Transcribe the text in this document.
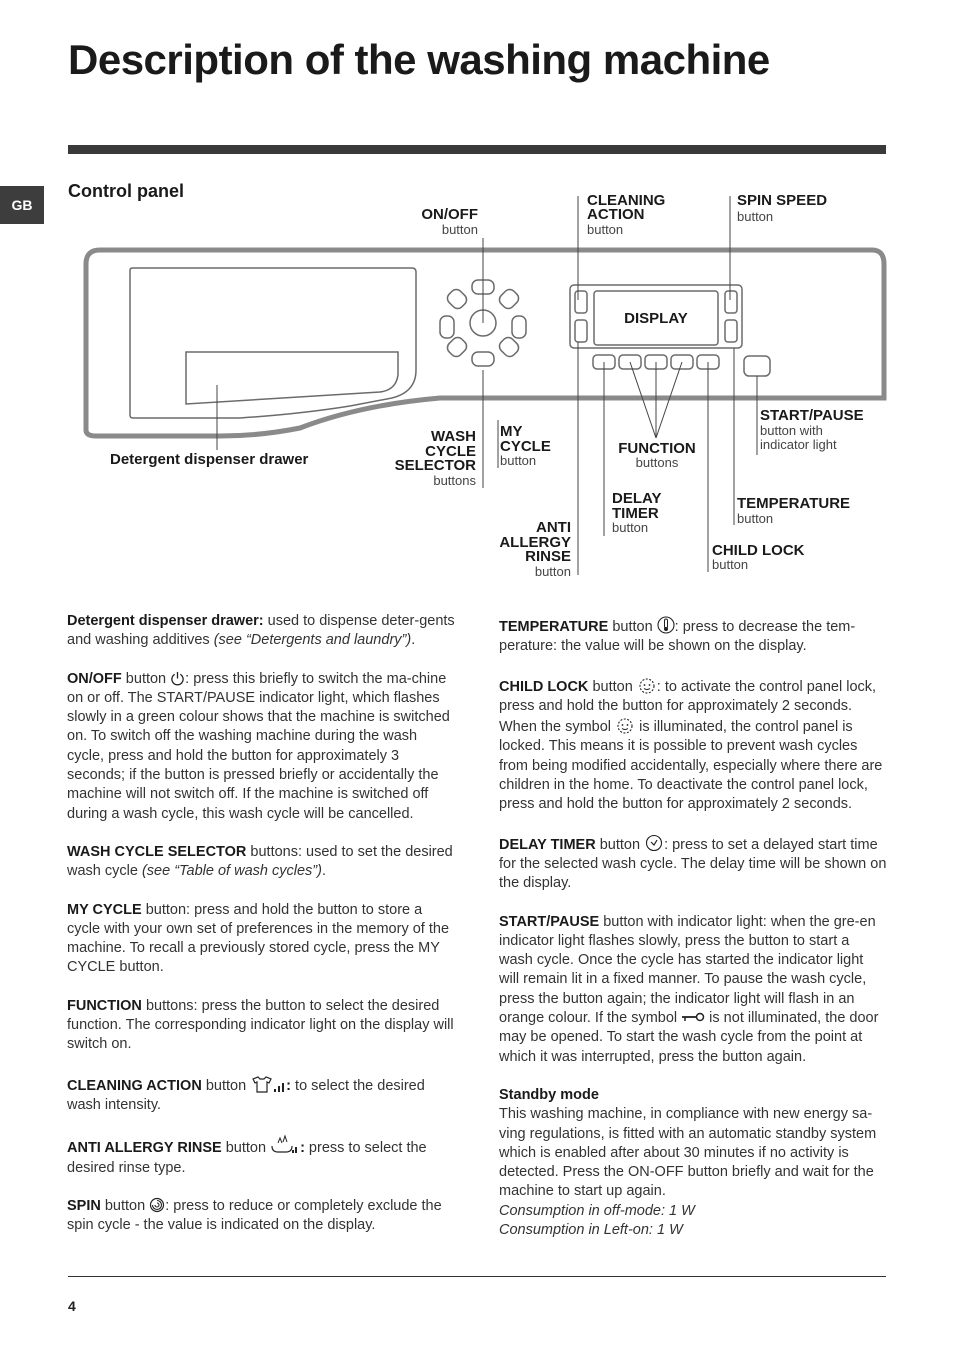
Description of the washing machine
GB
Control panel
DISPLAY
ON/OFF
button
CLEANING
ACTION
button
SPIN SPEED
button
START/PAUSE
button with
indicator light
Detergent dispenser drawer
WASH
CYCLE
SELECTOR
buttons
MY
CYCLE
button
FUNCTION
buttons
DELAY
TIMER
button
TEMPERATURE
button
CHILD LOCK
button
ANTI
ALLERGY
RINSE
button

Detergent dispenser drawer: used to dispense deter-gents and washing additives (see “Detergents and laundry”).

ON/OFF button : press this briefly to switch the ma-chine on or off. The START/PAUSE indicator light, which flashes slowly in a green colour shows that the machine is switched on. To switch off the washing machine during the wash cycle, press and hold the button for approximately 3 seconds; if the button is pressed briefly or accidentally the machine will not switch off. If the machine is switched off during a wash cycle, this wash cycle will be cancelled.

WASH CYCLE SELECTOR buttons: used to set the desired wash cycle (see “Table of wash cycles”).

MY CYCLE button: press and hold the button to store a cycle with your own set of preferences in the memory of the machine. To recall a previously stored cycle, press the MY CYCLE button.

FUNCTION buttons: press the button to select the desired function. The corresponding indicator light on the display will switch on.

CLEANING ACTION button : to select the desired wash intensity.

ANTI ALLERGY RINSE button : press to select the desired rinse type.

SPIN button : press to reduce or completely exclude the spin cycle - the value is indicated on the display.

TEMPERATURE button : press to decrease the tem-perature: the value will be shown on the display.

CHILD LOCK button : to activate the control panel lock, press and hold the button for approximately 2 seconds. When the symbol  is illuminated, the control panel is locked. This means it is possible to prevent wash cycles from being modified accidentally, especially where there are children in the home. To deactivate the control panel lock, press and hold the button for approximately 2 seconds.

DELAY TIMER button : press to set a delayed start time for the selected wash cycle. The delay time will be shown on the display.

START/PAUSE button with indicator light: when the gre-en indicator light flashes slowly, press the button to start a wash cycle. Once the cycle has started the indicator light will remain lit in a fixed manner. To pause the wash cycle, press the button again; the indicator light will flash in an orange colour. If the symbol  is not illuminated, the door may be opened. To start the wash cycle from the point at which it was interrupted, press the button again.

Standby mode
This washing machine, in compliance with new energy sa-ving regulations, is fitted with an automatic standby system which is enabled after about 30 minutes if no activity is detected. Press the ON-OFF button briefly and wait for the machine to start up again.
Consumption in off-mode: 1 W
Consumption in Left-on: 1 W
4
